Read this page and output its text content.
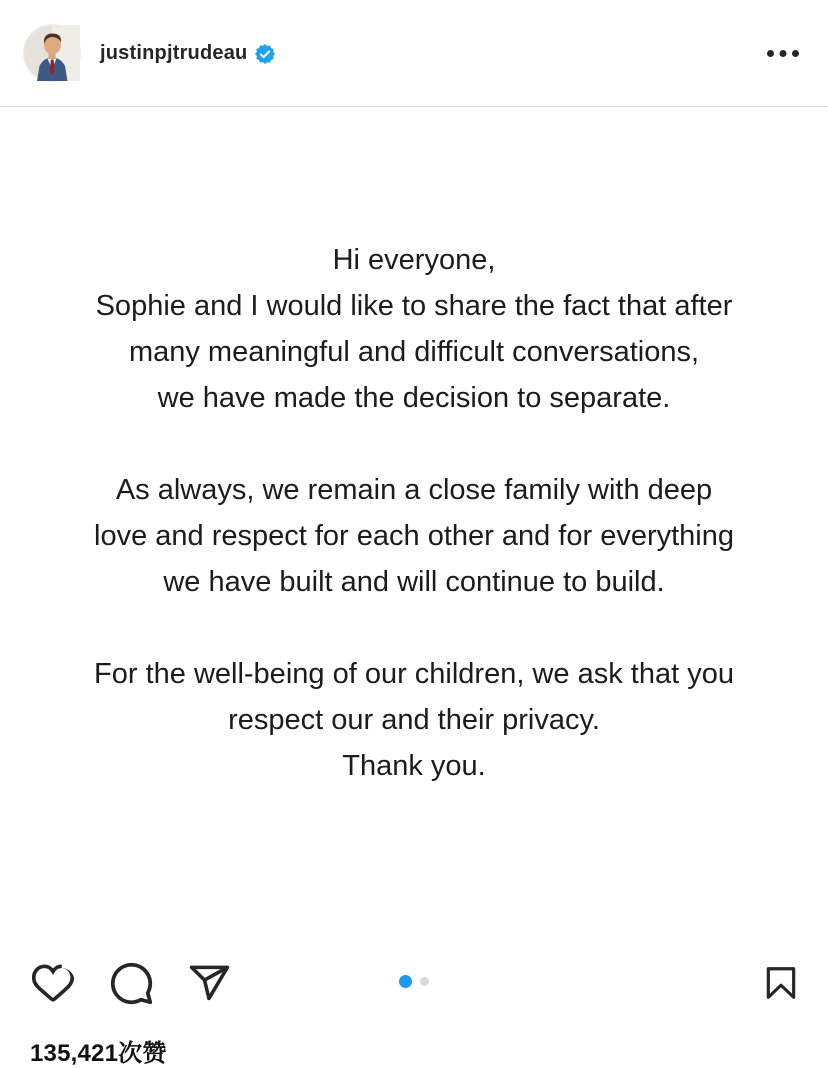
justinpjtrudeau

Hi everyone,
Sophie and I would like to share the fact that after
many meaningful and difficult conversations,
we have made the decision to separate.

As always, we remain a close family with deep
love and respect for each other and for everything
we have built and will continue to build.

For the well-being of our children, we ask that you
respect our and their privacy.
Thank you.

135,421次赞
